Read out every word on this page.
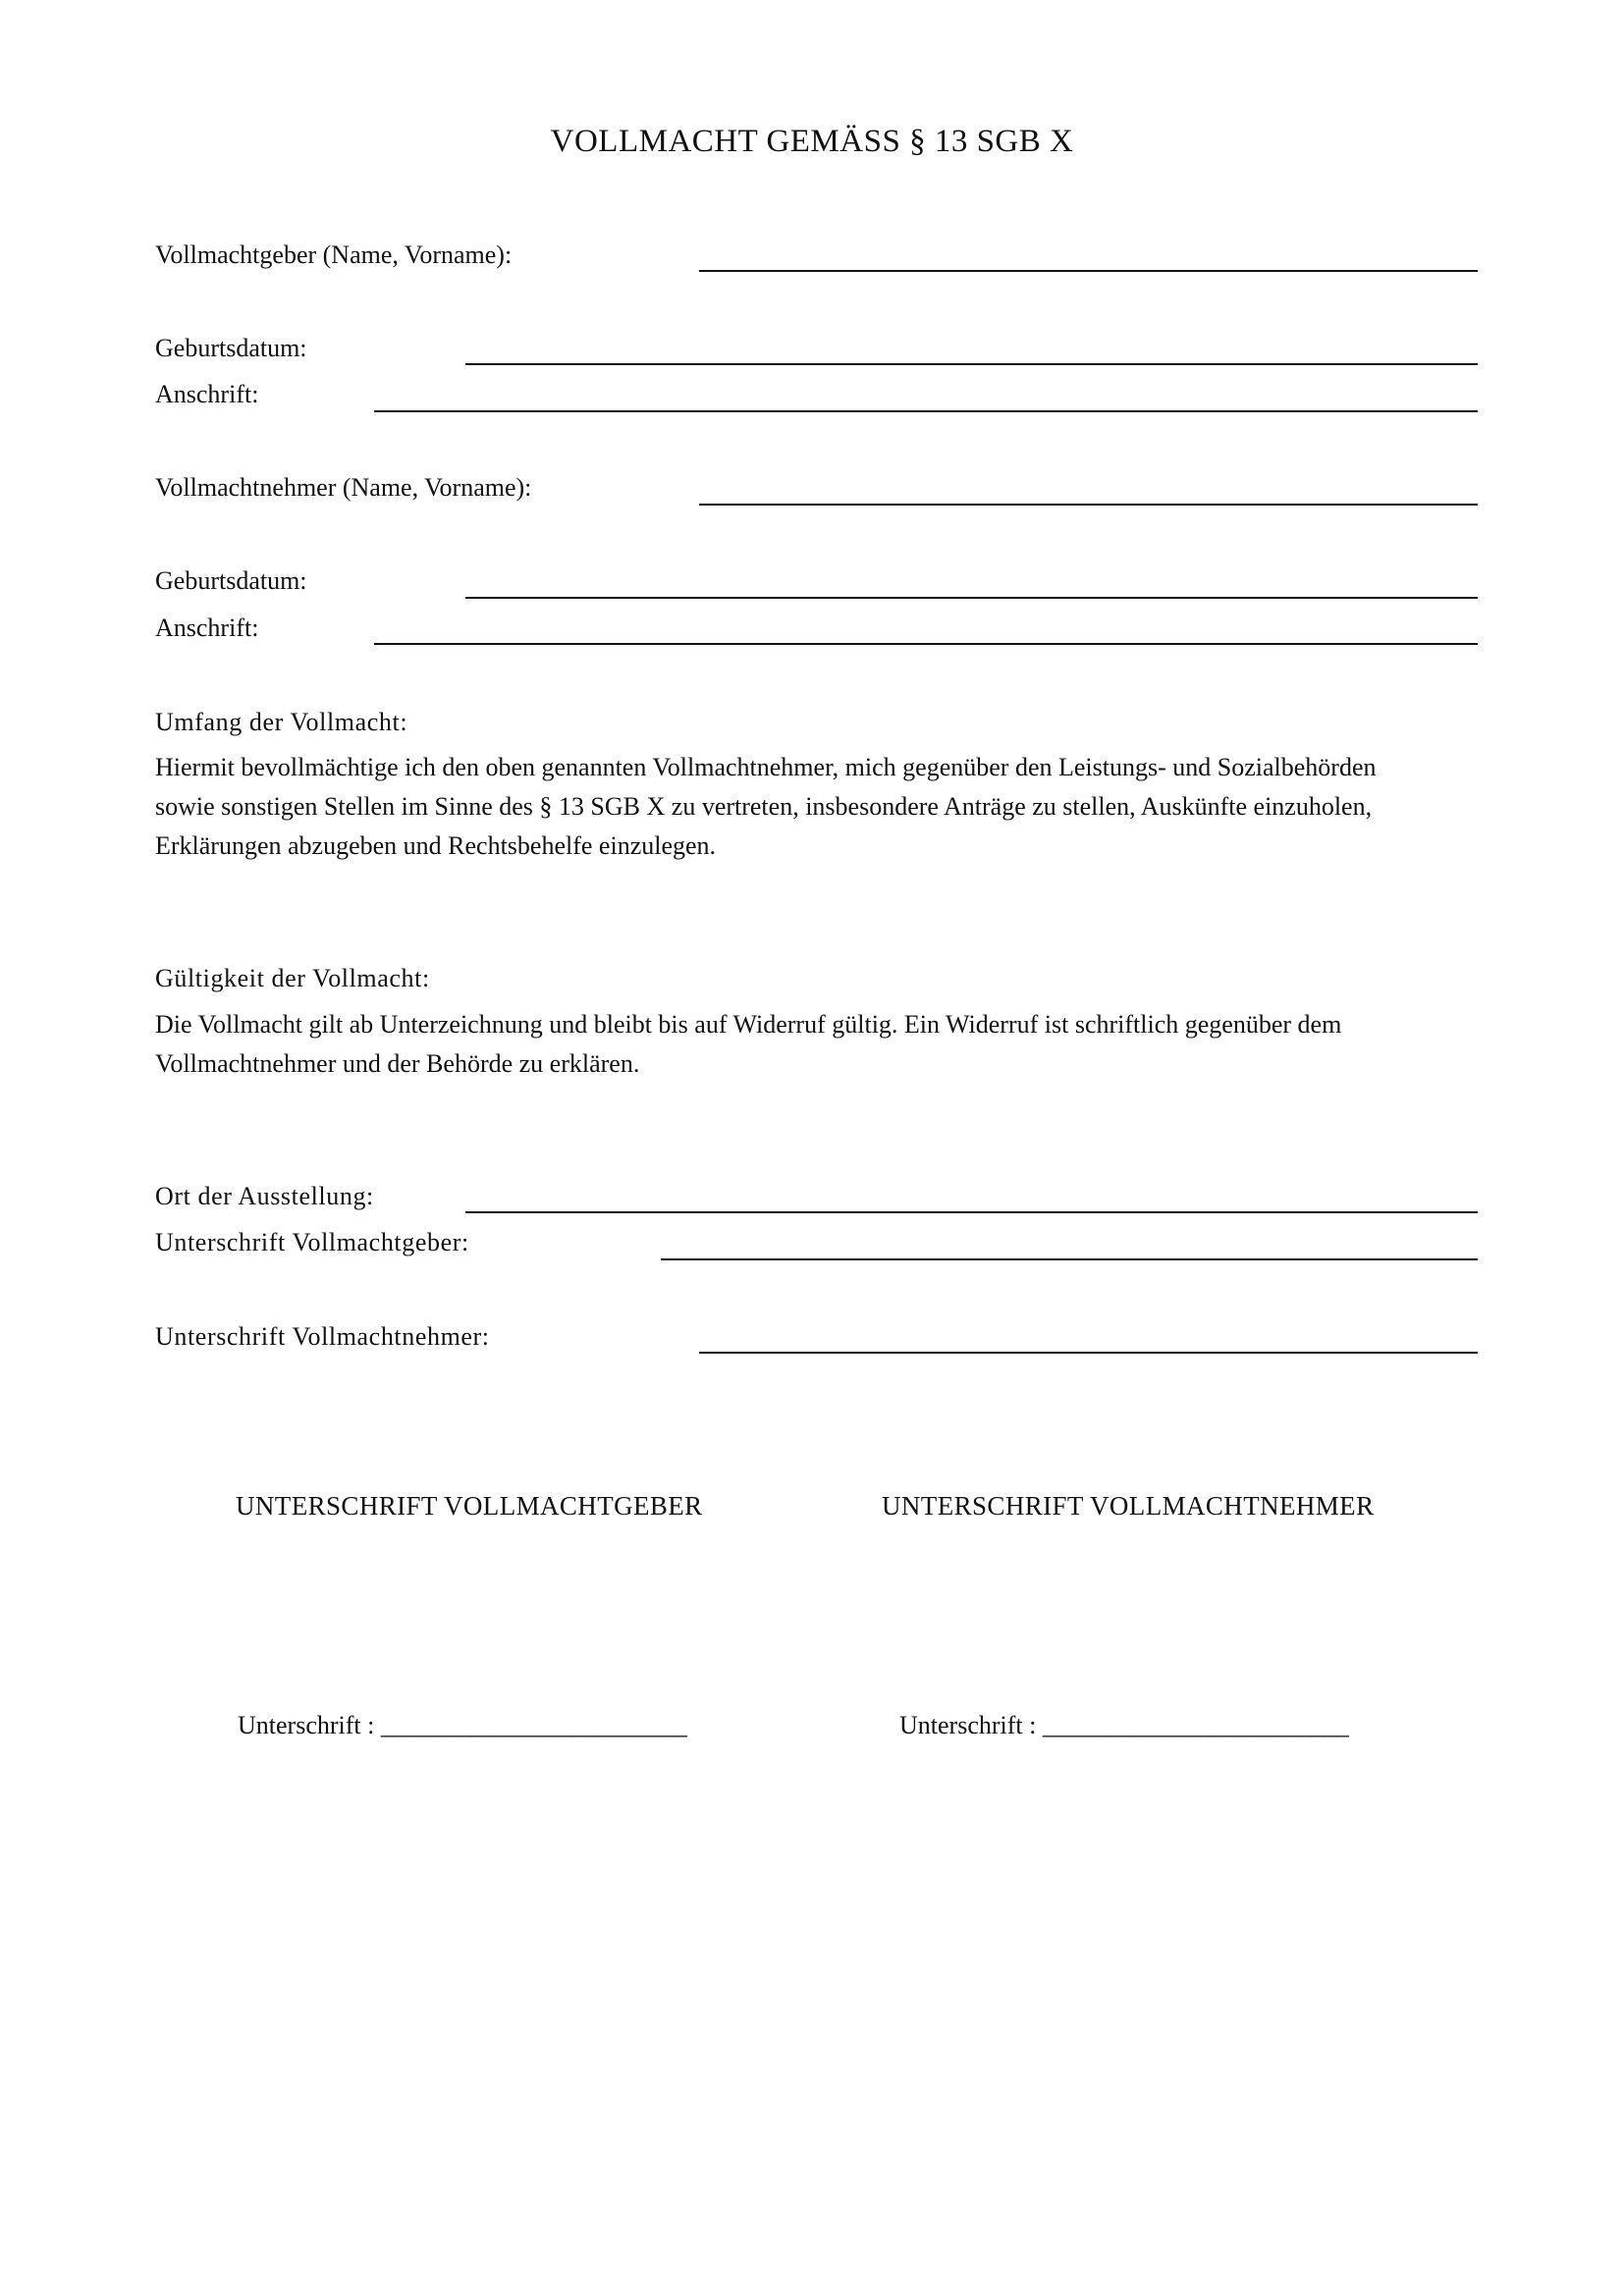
VOLLMACHT GEMÄSS § 13 SGB X
Vollmachtgeber (Name, Vorname):
Geburtsdatum:
Anschrift:
Vollmachtnehmer (Name, Vorname):
Geburtsdatum:
Anschrift:
Umfang der Vollmacht:
Hiermit bevollmächtige ich den oben genannten Vollmachtnehmer, mich gegenüber den Leistungs- und Sozialbehörden
sowie sonstigen Stellen im Sinne des § 13 SGB X zu vertreten, insbesondere Anträge zu stellen, Auskünfte einzuholen,
Erklärungen abzugeben und Rechtsbehelfe einzulegen.
Gültigkeit der Vollmacht:
Die Vollmacht gilt ab Unterzeichnung und bleibt bis auf Widerruf gültig. Ein Widerruf ist schriftlich gegenüber dem
Vollmachtnehmer und der Behörde zu erklären.
Ort der Ausstellung:
Unterschrift Vollmachtgeber:
Unterschrift Vollmachtnehmer:
UNTERSCHRIFT VOLLMACHTGEBER	UNTERSCHRIFT VOLLMACHTNEHMER
Unterschrift : ________________________	Unterschrift : ________________________
